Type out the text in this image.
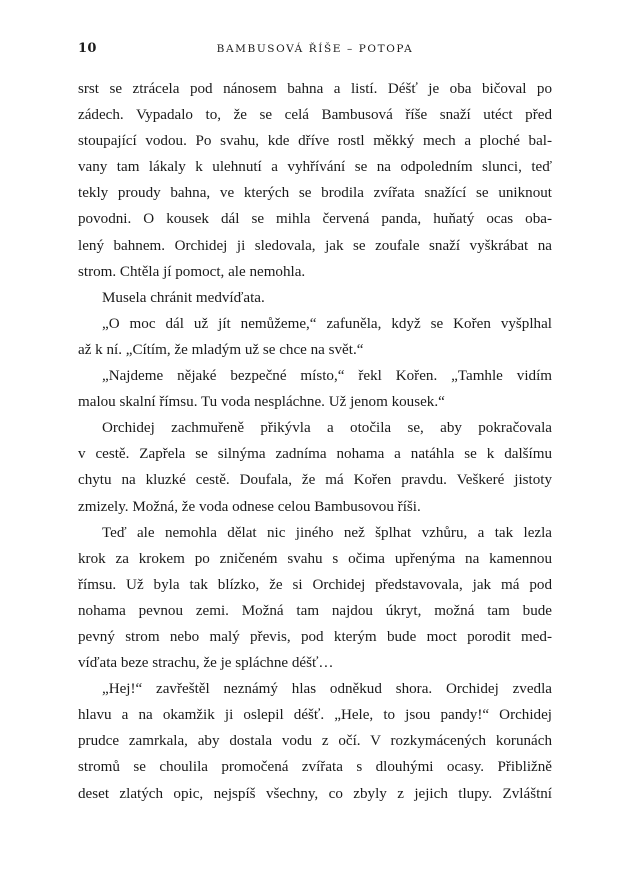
10	BAMBUSOVÁ ŘÍŠE – POTOPA

srst se ztrácela pod nánosem bahna a listí. Déšť je oba bičoval po
zádech. Vypadalo to, že se celá Bambusová říše snaží utéct před
stoupající vodou. Po svahu, kde dříve rostl měkký mech a ploché bal-
vany tam lákaly k ulehnutí a vyhřívání se na odpoledním slunci, teď
tekly proudy bahna, ve kterých se brodila zvířata snažící se uniknout
povodni. O kousek dál se mihla červená panda, huňatý ocas oba-
lený bahnem. Orchidej ji sledovala, jak se zoufale snaží vyškrábat na
strom. Chtěla jí pomoct, ale nemohla.

Musela chránit medvíďata.

„O moc dál už jít nemůžeme,“ zafuněla, když se Kořen vyšplhal
až k ní. „Cítím, že mladým už se chce na svět.“

„Najdeme nějaké bezpečné místo,“ řekl Kořen. „Tamhle vidím
malou skalní římsu. Tu voda nespláchne. Už jenom kousek.“

Orchidej zachmuřeně přikývla a otočila se, aby pokračovala
v cestě. Zapřela se silnýma zadníma nohama a natáhla se k dalšímu
chytu na kluzké cestě. Doufala, že má Kořen pravdu. Veškeré jistoty
zmizely. Možná, že voda odnese celou Bambusovou říši.

Teď ale nemohla dělat nic jiného než šplhat vzhůru, a tak lezla
krok za krokem po zničeném svahu s očima upřenýma na kamennou
římsu. Už byla tak blízko, že si Orchidej představovala, jak má pod
nohama pevnou zemi. Možná tam najdou úkryt, možná tam bude
pevný strom nebo malý převis, pod kterým bude moct porodit med-
víďata beze strachu, že je spláchne déšť…

„Hej!“ zavřeštěl neznámý hlas odněkud shora. Orchidej zvedla
hlavu a na okamžik ji oslepil déšť. „Hele, to jsou pandy!“ Orchidej
prudce zamrkala, aby dostala vodu z očí. V rozkymácených korunách
stromů se choulila promočená zvířata s dlouhými ocasy. Přibližně
deset zlatých opic, nejspíš všechny, co zbyly z jejich tlupy. Zvláštní
